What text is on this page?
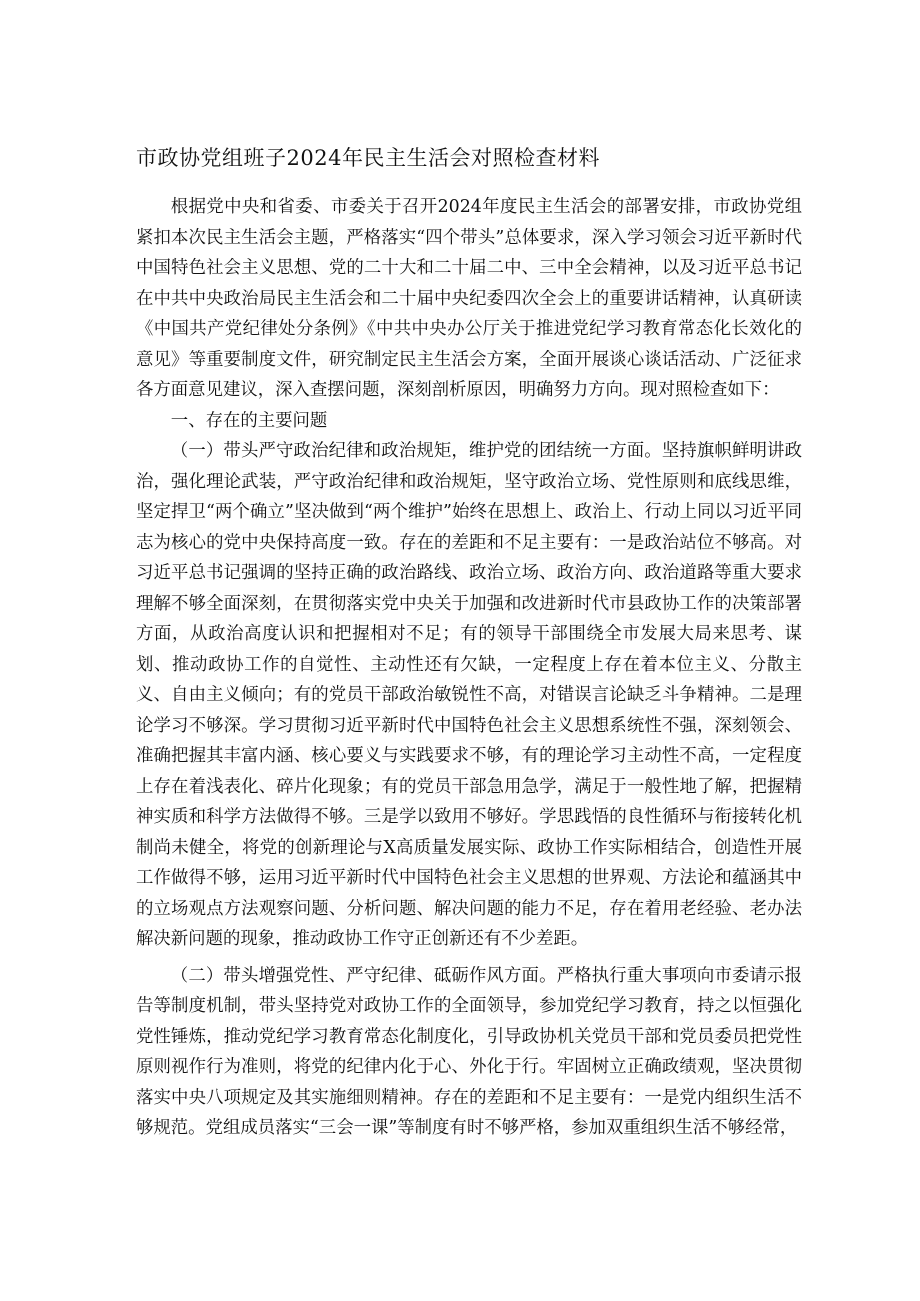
市政协党组班子2024年民主生活会对照检查材料

根据党中央和省委、市委关于召开2024年度民主生活会的部署安排，市政协党组紧扣本次民主生活会主题，严格落实“四个带头”总体要求，深入学习领会习近平新时代中国特色社会主义思想、党的二十大和二十届二中、三中全会精神，以及习近平总书记在中共中央政治局民主生活会和二十届中央纪委四次全会上的重要讲话精神，认真研读《中国共产党纪律处分条例》《中共中央办公厅关于推进党纪学习教育常态化长效化的意见》等重要制度文件，研究制定民主生活会方案，全面开展谈心谈话活动、广泛征求各方面意见建议，深入查摆问题，深刻剖析原因，明确努力方向。现对照检查如下：

一、存在的主要问题

（一）带头严守政治纪律和政治规矩，维护党的团结统一方面。坚持旗帜鲜明讲政治，强化理论武装，严守政治纪律和政治规矩，坚守政治立场、党性原则和底线思维，坚定捍卫“两个确立”坚决做到“两个维护”始终在思想上、政治上、行动上同以习近平同志为核心的党中央保持高度一致。存在的差距和不足主要有：一是政治站位不够高。对习近平总书记强调的坚持正确的政治路线、政治立场、政治方向、政治道路等重大要求理解不够全面深刻，在贯彻落实党中央关于加强和改进新时代市县政协工作的决策部署方面，从政治高度认识和把握相对不足；有的领导干部围绕全市发展大局来思考、谋划、推动政协工作的自觉性、主动性还有欠缺，一定程度上存在着本位主义、分散主义、自由主义倾向；有的党员干部政治敏锐性不高，对错误言论缺乏斗争精神。二是理论学习不够深。学习贯彻习近平新时代中国特色社会主义思想系统性不强，深刻领会、准确把握其丰富内涵、核心要义与实践要求不够，有的理论学习主动性不高，一定程度上存在着浅表化、碎片化现象；有的党员干部急用急学，满足于一般性地了解，把握精神实质和科学方法做得不够。三是学以致用不够好。学思践悟的良性循环与衔接转化机制尚未健全，将党的创新理论与X高质量发展实际、政协工作实际相结合，创造性开展工作做得不够，运用习近平新时代中国特色社会主义思想的世界观、方法论和蕴涵其中的立场观点方法观察问题、分析问题、解决问题的能力不足，存在着用老经验、老办法解决新问题的现象，推动政协工作守正创新还有不少差距。

（二）带头增强党性、严守纪律、砥砺作风方面。严格执行重大事项向市委请示报告等制度机制，带头坚持党对政协工作的全面领导，参加党纪学习教育，持之以恒强化党性锤炼，推动党纪学习教育常态化制度化，引导政协机关党员干部和党员委员把党性原则视作行为准则，将党的纪律内化于心、外化于行。牢固树立正确政绩观，坚决贯彻落实中央八项规定及其实施细则精神。存在的差距和不足主要有：一是党内组织生活不够规范。党组成员落实“三会一课”等制度有时不够严格，参加双重组织生活不够经常，
